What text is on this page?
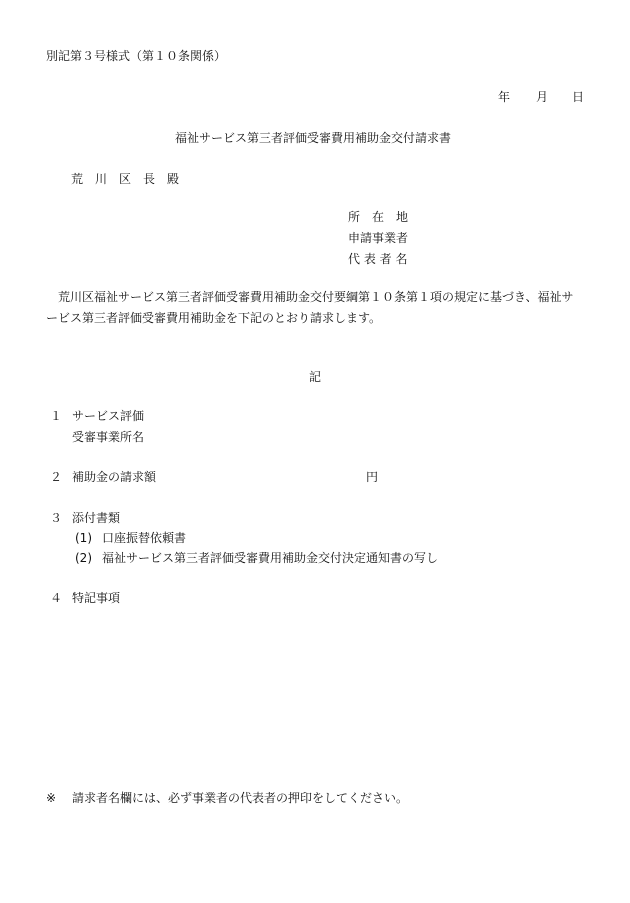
別記第３号様式（第１０条関係）
年 月 日
福祉サービス第三者評価受審費用補助金交付請求書
荒　川　区　長　殿
所　在　地
申請事業者
代 表 者 名
　荒川区福祉サービス第三者評価受審費用補助金交付要綱第１０条第１項の規定に基づき、福祉サ
ービス第三者評価受審費用補助金を下記のとおり請求します。
記
１ サービス評価
受審事業所名
２ 補助金の請求額	円
３ 添付書類
(1) 口座振替依頼書
(2) 福祉サービス第三者評価受審費用補助金交付決定通知書の写し
４ 特記事項
※ 請求者名欄には、必ず事業者の代表者の押印をしてください。
